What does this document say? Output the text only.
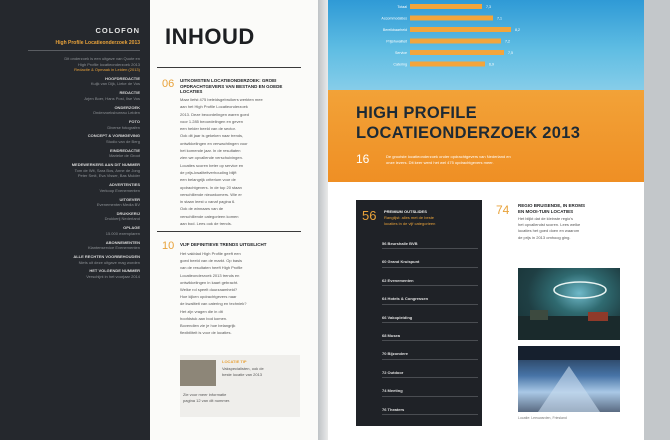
COLOFON
High Profile Locatieonderzoek 2013
Dit onderzoek is een uitgave van Quote en
High Profile locatieonderzoek 2013
Redactie & Opmaak in Leiden (2013)
HOOFDREDACTIE
Kuijk van Dijk, Lieke de Vos
REDACTIE
Arjen Boer, Hans Post, Ilse Vos
ONDERZOEK
Onderzoeksbureau Leiden
FOTO
Diverse fotografen
CONCEPT & VORMGEVING
Studio van de Berg
EINDREDACTIE
Marieke de Groot
MEDEWERKERS AAN DIT NUMMER
Tom de Wit, Sara Bos, Anne de Jong
Peter Smit, Eva Visser, Bas Mulder
ADVERTENTIES
Verkoop Evenementen
UITGEVER
Evenementen Media BV
DRUKKERIJ
Drukkerij Nederland
OPLAGE
15.000 exemplaren
ABONNEMENTEN
Klantenservice Evenementen
ALLE RECHTEN VOORBEHOUDEN
Niets uit deze uitgave mag worden
HET VOLGENDE NUMMER
Verschijnt in het voorjaar 2014
INHOUD
06 UITKOMSTEN LOCATIEONDERZOEK: GROEI
OPDRACHTGEVERS VAN BESTAND EN GOEDE
LOCATIES
Maar liefst 475 beleidsgebruikers werkten mee
aan het High Profile Locatieonderzoek
2013. Deze beoordelingen waren goed
voor 1.285 beoordelingen en geven
een helder beeld van de sector.
Ook dit jaar is gekeken naar trends,
ontwikkelingen en verwachtingen voor
het komende jaar. In de resultaten
zien we opvallende verschuivingen.
Locaties scoren beter op service en
de prijs-kwaliteitverhouding blijft
een belangrijk criterium voor de
opdrachtgevers. In de top 20 staan
verschillende nieuwkomers. Wie er
in staan leest u vanaf pagina 6.
Ook de winnaars van de
verschillende categorieen komen
aan bod. Lees ook de trends.
10 VIJF DEFINITIEVE TRENDS UITGELICHT
Het vakblad High Profile geeft een
goed beeld van de markt. Op basis
van de resultaten heeft High Profile
Locatieonderzoek 2013 trends en
ontwikkelingen in kaart gebracht.
Welke rol speelt duurzaamheid?
Hoe kijken opdrachtgevers naar
de kwaliteit van catering en techniek?
Het zijn vragen die in dit
hoofdstuk aan bod komen.
Bovendien zie je hoe belangrijk
flexibiliteit is voor de locaties.
LOCATIE TIP
Vakspecialisten, ook de
beste locatie van 2013
Zie voor meer informatie
pagina 12 van dit nummer.
Totaal	7,3
Accommodaties	7,1
Bereikbaarheid	8,2
Prijs/kwaliteit	7,2
Service	7,5
Catering	6,9
HIGH PROFILE
LOCATIEONDERZOEK 2013
16	De grootste locatieonderzoek onder opdrachtgevers van Nederland en
onze lezers. Dit keer werd het wel 475 opdrachtgevers meer.
56 PREMIUM OUTSLIDES
Ranglijst: alles met de beste
locaties in de vijf categorieen
56 Beurshalle BVB
60 Grand Kruispunt
62 Evenementen
64 Hotels & Congressen
66 Vakopleiding
68 Musea
70 Bijzondere
72 Outdoor
74 Meeting
76 Theaters
74 REGIO BRUISENDE, IN EROMS
EN MOOI-TUIN LOCATIES
Het blijkt dat de kleinste regio's
het opvallendst scoren. Lees welke
locaties het goed doen en waarom
de prijs in 2013 omhoog ging.
Locatie: Leeuwarden, Friesland
